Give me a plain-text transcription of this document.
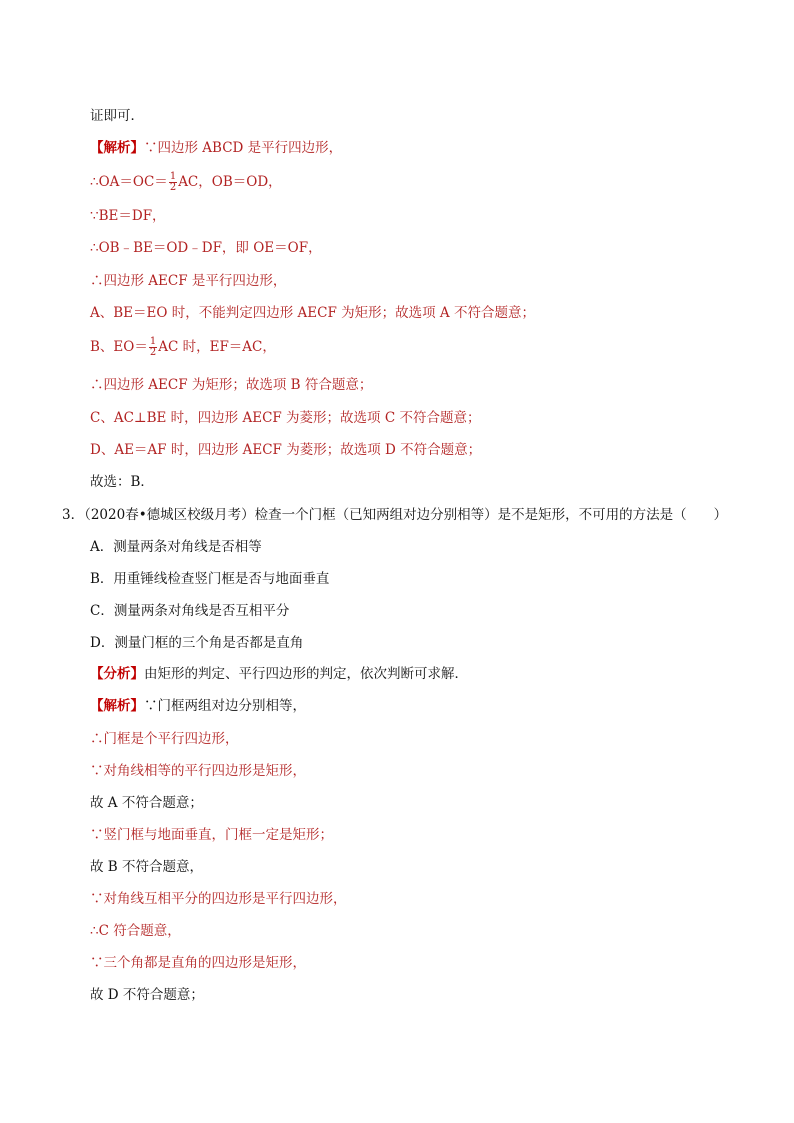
证即可．
【解析】∵四边形 ABCD 是平行四边形，
∴OA＝OC＝ $\frac{1}{2}$ AC，OB＝OD，
∵BE＝DF，
∴OB﹣BE＝OD﹣DF，即 OE＝OF，
∴四边形 AECF 是平行四边形，
A、BE＝EO 时，不能判定四边形 AECF 为矩形；故选项 A 不符合题意；
B、$EO= \frac{1}{2}$ AC 时，EF＝AC，
∴四边形 AECF 为矩形；故选项 B 符合题意；
C、AC⊥BE 时，四边形 AECF 为菱形；故选项 C 不符合题意；
D、AE＝AF 时，四边形 AECF 为菱形；故选项 D 不符合题意；
故选：B．
3．（2020春•德城区校级月考）检查一个门框（已知两组对边分别相等）是不是矩形，不可用的方法是（　　）
A．测量两条对角线是否相等
B．用重锤线检查竖门框是否与地面垂直
C．测量两条对角线是否互相平分
D．测量门框的三个角是否都是直角
【分析】由矩形的判定、平行四边形的判定，依次判断可求解．
【解析】∵门框两组对边分别相等，
∴门框是个平行四边形，
∵对角线相等的平行四边形是矩形，
故 A 不符合题意；
∵竖门框与地面垂直，门框一定是矩形；
故 B 不符合题意，
∵对角线互相平分的四边形是平行四边形，
∴C 符合题意，
∵三个角都是直角的四边形是矩形，
故 D 不符合题意；
